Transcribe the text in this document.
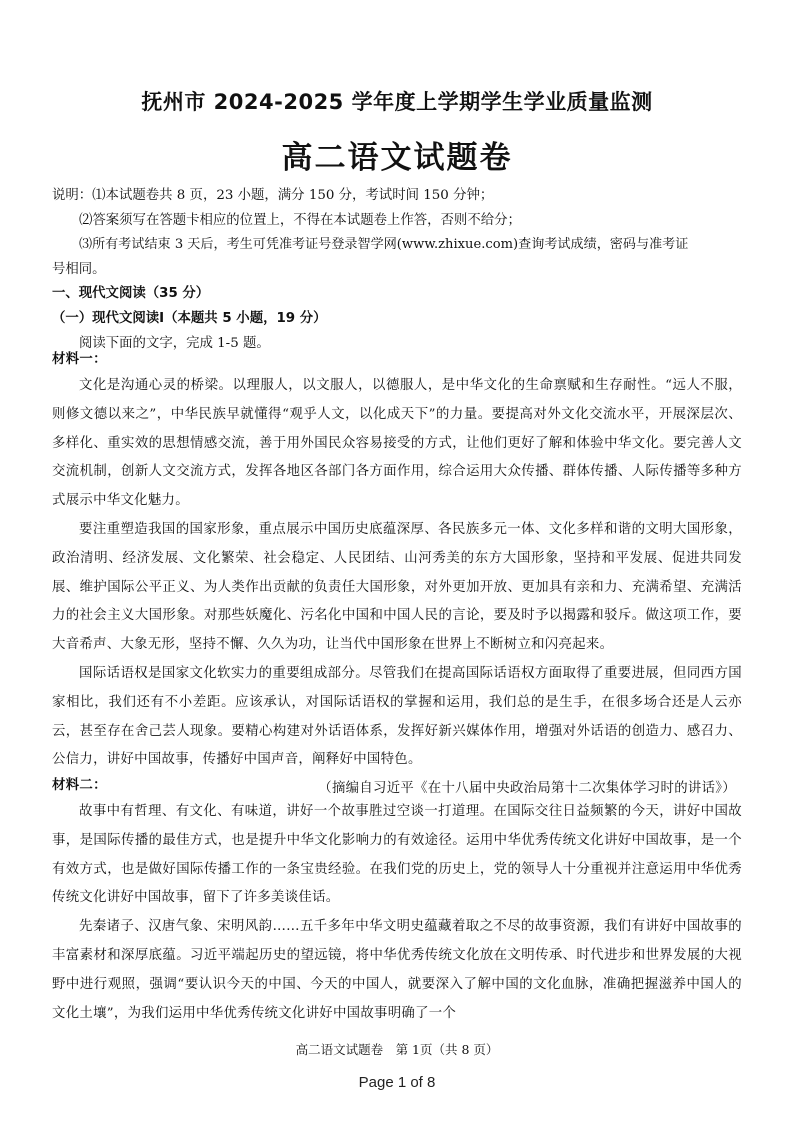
抚州市 2024-2025 学年度上学期学生学业质量监测
高二语文试题卷
说明：⑴本试题卷共 8 页，23 小题，满分 150 分，考试时间 150 分钟；
⑵答案须写在答题卡相应的位置上，不得在本试题卷上作答，否则不给分；
⑶所有考试结束 3 天后，考生可凭准考证号登录智学网(www.zhixue.com)查询考试成绩，密码与准考证
号相同。
一、现代文阅读（35 分）
（一）现代文阅读Ⅰ（本题共 5 小题，19 分）
阅读下面的文字，完成 1-5 题。
材料一：

文化是沟通心灵的桥梁。以理服人，以文服人，以德服人，是中华文化的生命禀赋和生存耐性。“远人不服，则修文德以来之”，中华民族早就懂得“观乎人文，以化成天下”的力量。要提高对外文化交流水平，开展深层次、多样化、重实效的思想情感交流，善于用外国民众容易接受的方式，让他们更好了解和体验中华文化。要完善人文交流机制，创新人文交流方式，发挥各地区各部门各方面作用，综合运用大众传播、群体传播、人际传播等多种方式展示中华文化魅力。

要注重塑造我国的国家形象，重点展示中国历史底蕴深厚、各民族多元一体、文化多样和谐的文明大国形象，政治清明、经济发展、文化繁荣、社会稳定、人民团结、山河秀美的东方大国形象，坚持和平发展、促进共同发展、维护国际公平正义、为人类作出贡献的负责任大国形象，对外更加开放、更加具有亲和力、充满希望、充满活力的社会主义大国形象。对那些妖魔化、污名化中国和中国人民的言论，要及时予以揭露和驳斥。做这项工作，要大音希声、大象无形，坚持不懈、久久为功，让当代中国形象在世界上不断树立和闪亮起来。

国际话语权是国家文化软实力的重要组成部分。尽管我们在提高国际话语权方面取得了重要进展，但同西方国家相比，我们还有不小差距。应该承认，对国际话语权的掌握和运用，我们总的是生手，在很多场合还是人云亦云，甚至存在舍己芸人现象。要精心构建对外话语体系，发挥好新兴媒体作用，增强对外话语的创造力、感召力、公信力，讲好中国故事，传播好中国声音，阐释好中国特色。

（摘编自习近平《在十八届中央政治局第十二次集体学习时的讲话》）
材料二：

故事中有哲理、有文化、有味道，讲好一个故事胜过空谈一打道理。在国际交往日益频繁的今天，讲好中国故事，是国际传播的最佳方式，也是提升中华文化影响力的有效途径。运用中华优秀传统文化讲好中国故事，是一个有效方式，也是做好国际传播工作的一条宝贵经验。在我们党的历史上，党的领导人十分重视并注意运用中华优秀传统文化讲好中国故事，留下了许多美谈佳话。

先秦诸子、汉唐气象、宋明风韵……五千多年中华文明史蕴藏着取之不尽的故事资源，我们有讲好中国故事的丰富素材和深厚底蕴。习近平端起历史的望远镜，将中华优秀传统文化放在文明传承、时代进步和世界发展的大视野中进行观照，强调“要认识今天的中国、今天的中国人，就要深入了解中国的文化血脉，准确把握滋养中国人的文化土壤”，为我们运用中华优秀传统文化讲好中国故事明确了一个

高二语文试题卷　第 1页（共 8 页）
Page 1 of 8
